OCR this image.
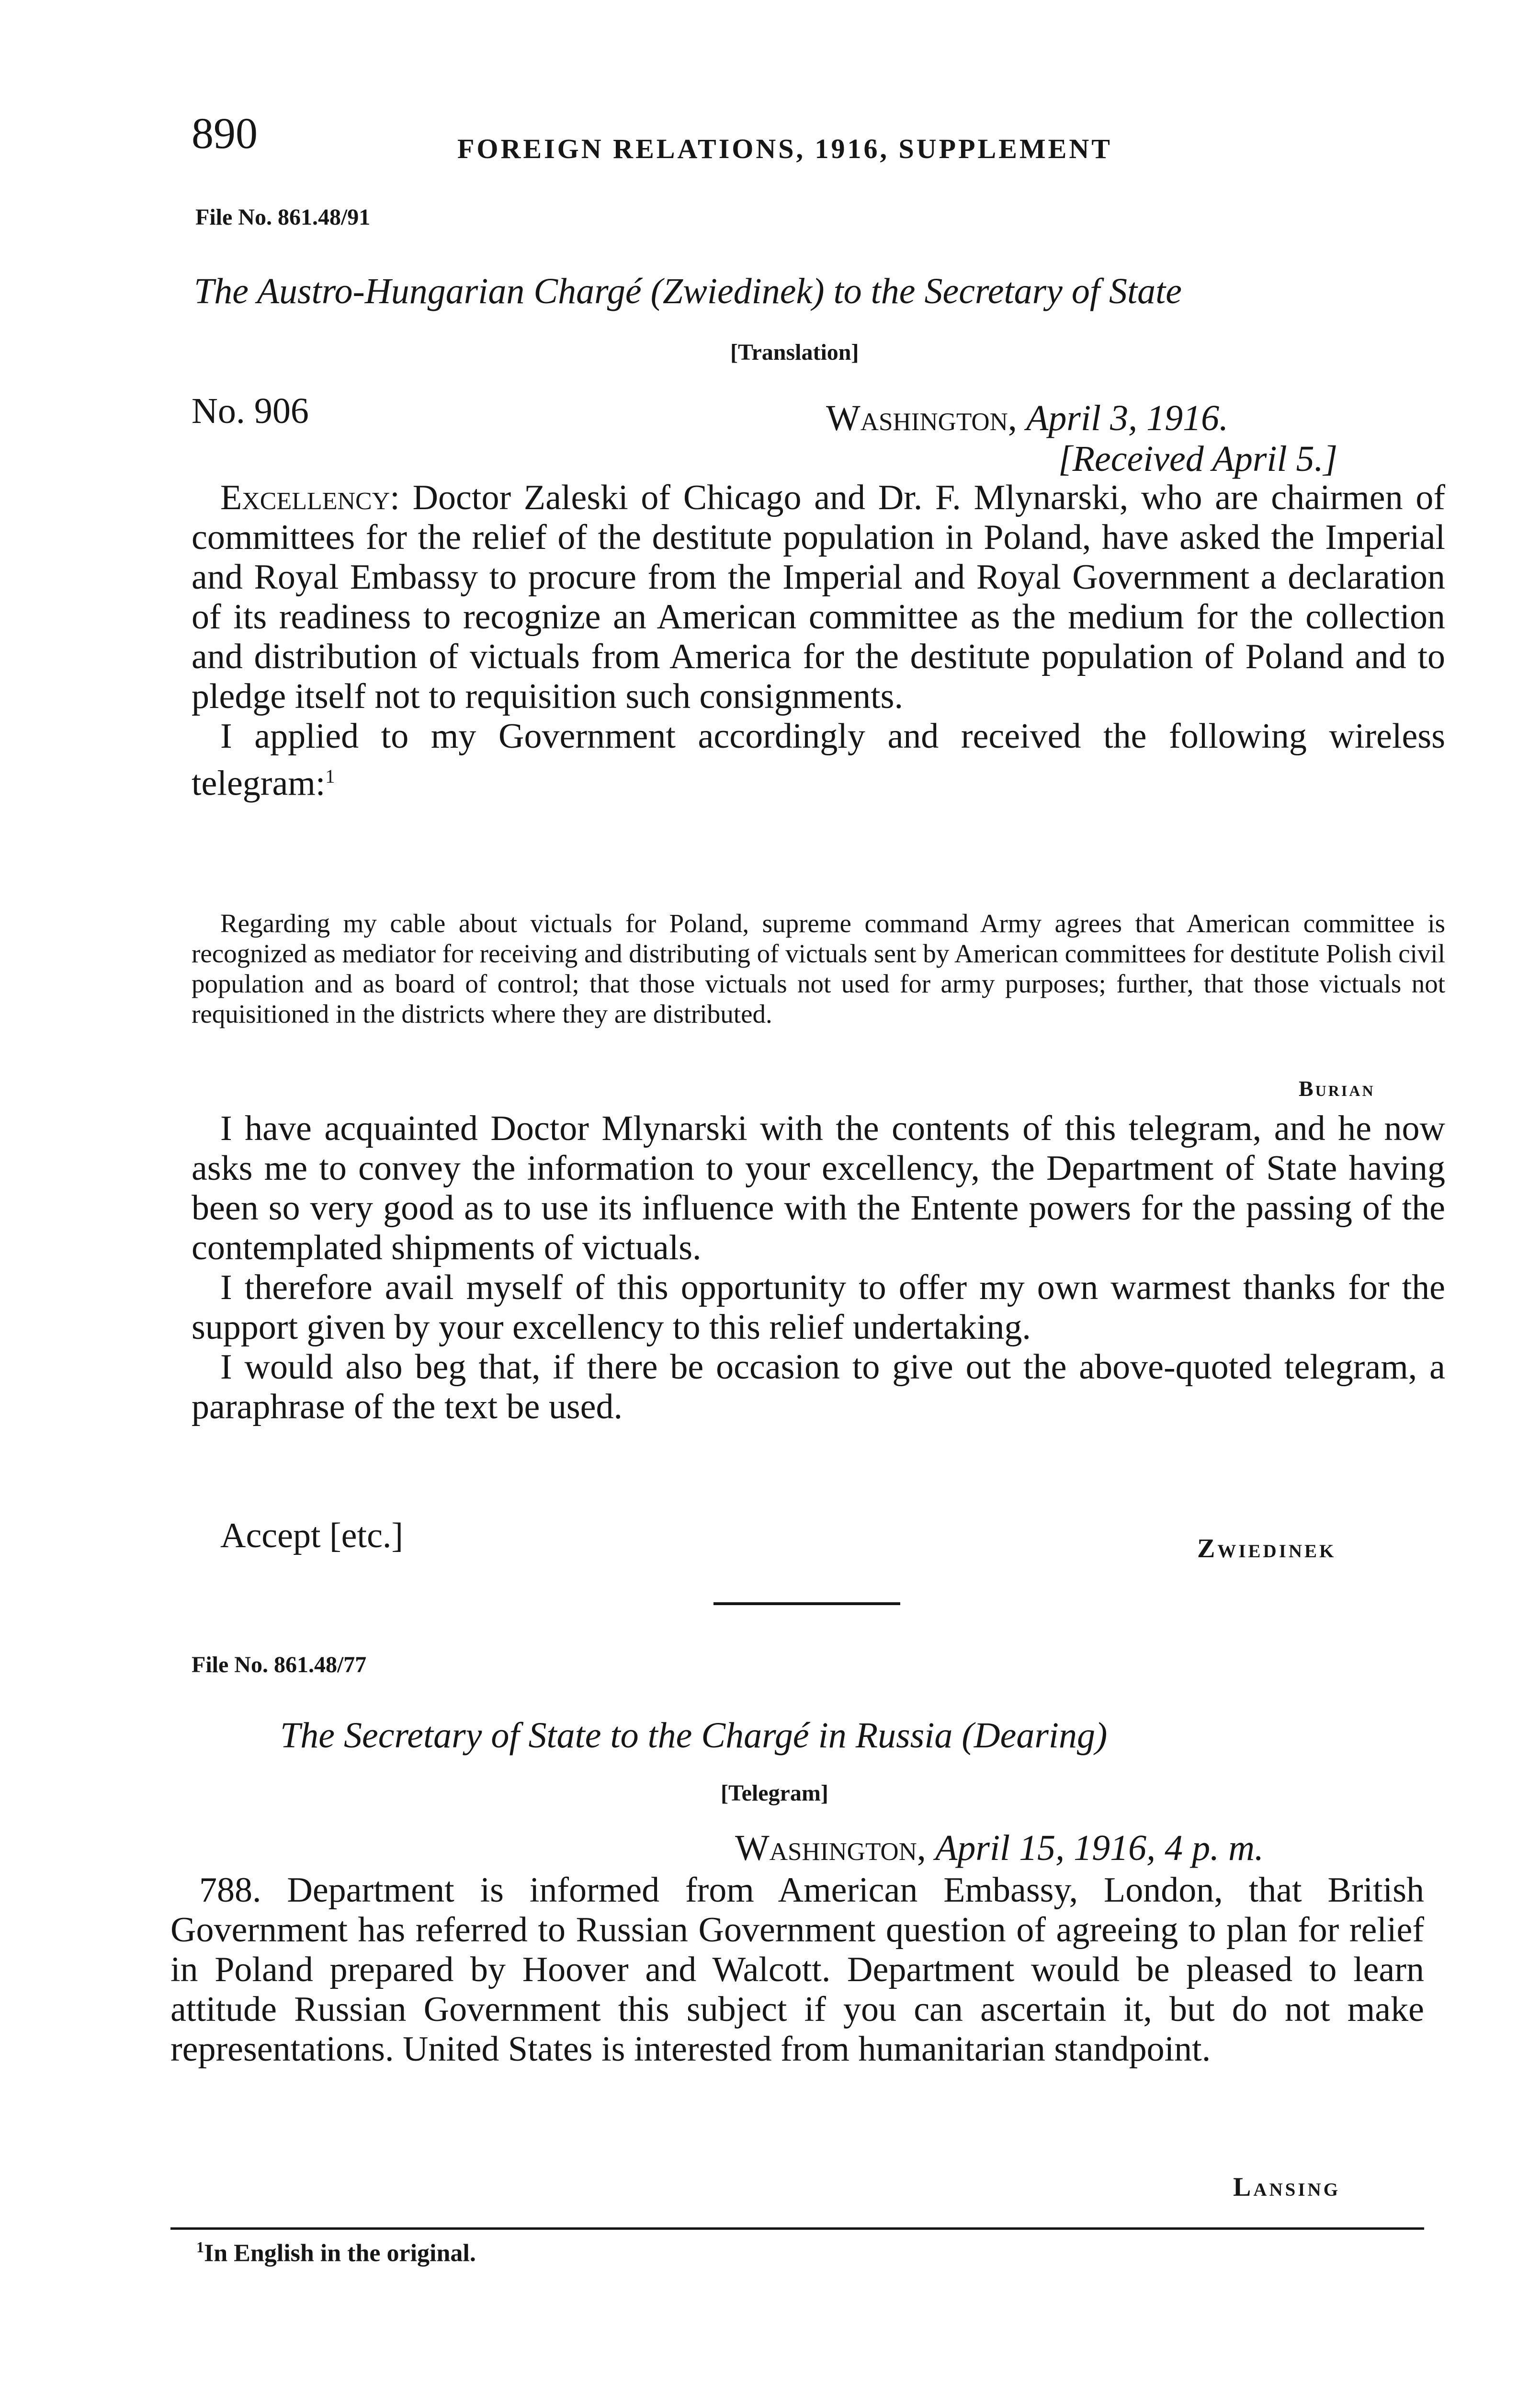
890	FOREIGN RELATIONS, 1916, SUPPLEMENT
File No. 861.48/91
The Austro-Hungarian Chargé (Zwiedinek) to the Secretary of State
[Translation]
No. 906	Washington, April 3, 1916.
[Received April 5.]

Excellency: Doctor Zaleski of Chicago and Dr. F. Mlynarski, who are chairmen of committees for the relief of the destitute population in Poland, have asked the Imperial and Royal Embassy to procure from the Imperial and Royal Government a declaration of its readiness to recognize an American committee as the medium for the collection and distribution of victuals from America for the destitute population of Poland and to pledge itself not to requisition such consignments.

I applied to my Government accordingly and received the following wireless telegram:$^1$

Regarding my cable about victuals for Poland, supreme command Army agrees that American committee is recognized as mediator for receiving and distributing of victuals sent by American committees for destitute Polish civil population and as board of control; that those victuals not used for army purposes; further, that those victuals not requisitioned in the districts where they are distributed.

Burian

I have acquainted Doctor Mlynarski with the contents of this telegram, and he now asks me to convey the information to your excellency, the Department of State having been so very good as to use its influence with the Entente powers for the passing of the contemplated shipments of victuals.

I therefore avail myself of this opportunity to offer my own warmest thanks for the support given by your excellency to this relief undertaking.

I would also beg that, if there be occasion to give out the above-quoted telegram, a paraphrase of the text be used.

Accept [etc.]	Zwiedinek
File No. 861.48/77
The Secretary of State to the Chargé in Russia (Dearing)
[Telegram]
Washington, April 15, 1916, 4 p. m.

788. Department is informed from American Embassy, London, that British Government has referred to Russian Government question of agreeing to plan for relief in Poland prepared by Hoover and Walcott. Department would be pleased to learn attitude Russian Government this subject if you can ascertain it, but do not make representations. United States is interested from humanitarian standpoint.

Lansing
$^1$In English in the original.
